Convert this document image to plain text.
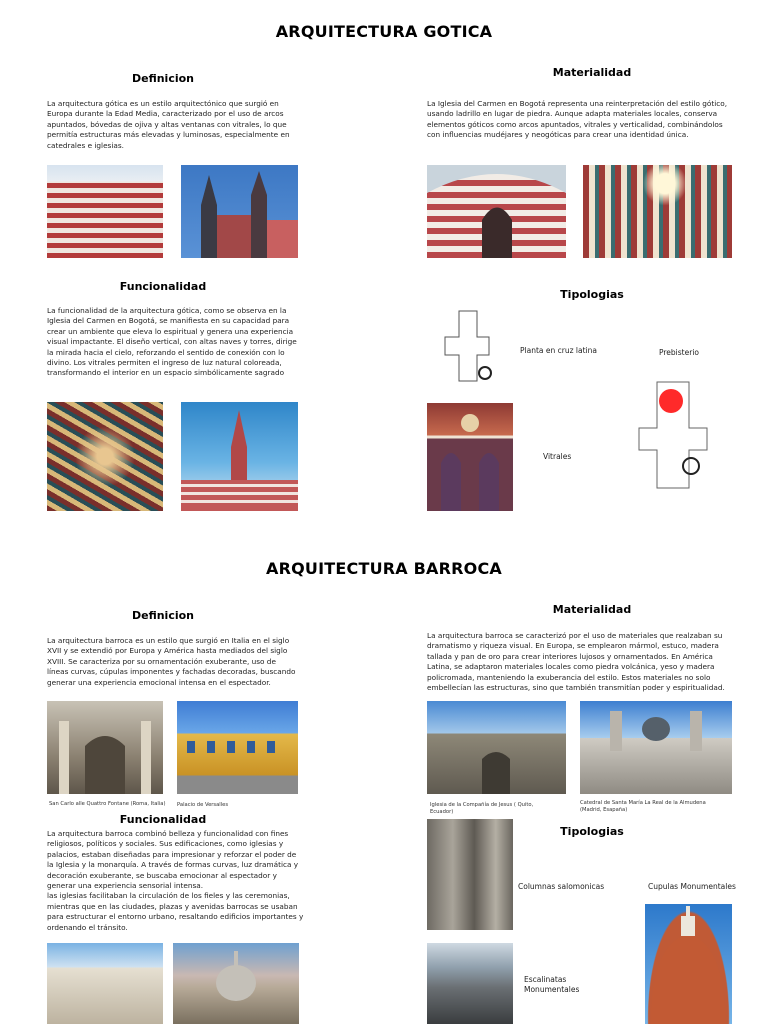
ARQUITECTURA GOTICA
Definicion
La arquitectura gótica es un estilo arquitectónico que surgió en Europa durante la Edad Media, caracterizado por el uso de arcos apuntados, bóvedas de ojiva y altas ventanas con vitrales, lo que permitía estructuras más elevadas y luminosas, especialmente en catedrales e iglesias.
Materialidad
La Iglesia del Carmen en Bogotá representa una reinterpretación del estilo gótico, usando ladrillo en lugar de piedra. Aunque adapta materiales locales, conserva elementos góticos como arcos apuntados, vitrales y verticalidad, combinándolos con influencias mudéjares y neogóticas para crear una identidad única.
Funcionalidad
La funcionalidad de la arquitectura gótica, como se observa en la Iglesia del Carmen en Bogotá, se manifiesta en su capacidad para crear un ambiente que eleva lo espiritual y genera una experiencia visual impactante. El diseño vertical, con altas naves y torres, dirige la mirada hacia el cielo, reforzando el sentido de conexión con lo divino. Los vitrales permiten el ingreso de luz natural coloreada, transformando el interior en un espacio simbólicamente sagrado
Tipologias
Planta en cruz latina	Prebisterio
Vitrales
ARQUITECTURA BARROCA
Definicion
La arquitectura barroca es un estilo que surgió en Italia en el siglo XVII y se extendió por Europa y América hasta mediados del siglo XVIII. Se caracteriza por su ornamentación exuberante, uso de líneas curvas, cúpulas imponentes y fachadas decoradas, buscando generar una experiencia emocional intensa en el espectador.
San Carlo alle Quattro Fontane (Roma, Italia)	Palacio de Versalles
Materialidad
La arquitectura barroca se caracterizó por el uso de materiales que realzaban su dramatismo y riqueza visual. En Europa, se emplearon mármol, estuco, madera tallada y pan de oro para crear interiores lujosos y ornamentados. En América Latina, se adaptaron materiales locales como piedra volcánica, yeso y madera policromada, manteniendo la exuberancia del estilo. Estos materiales no solo embellecían las estructuras, sino que también transmitían poder y espiritualidad.
Iglesia de la Compañía de Jesus ( Quito, Ecuador)
Catedral de Santa María La Real de la Almudena (Madrid, Esapaña)
Funcionalidad
La arquitectura barroca combinó belleza y funcionalidad con fines religiosos, políticos y sociales. Sus edificaciones, como iglesias y palacios, estaban diseñadas para impresionar y reforzar el poder de la Iglesia y la monarquía. A través de formas curvas, luz dramática y decoración exuberante, se buscaba emocionar al espectador y generar una experiencia sensorial intensa.
las iglesias facilitaban la circulación de los fieles y las ceremonias, mientras que en las ciudades, plazas y avenidas barrocas se usaban para estructurar el entorno urbano, resaltando edificios importantes y ordenando el tránsito.
Tipologias
Columnas salomonicas	Cupulas Monumentales
Escalinatas Monumentales
